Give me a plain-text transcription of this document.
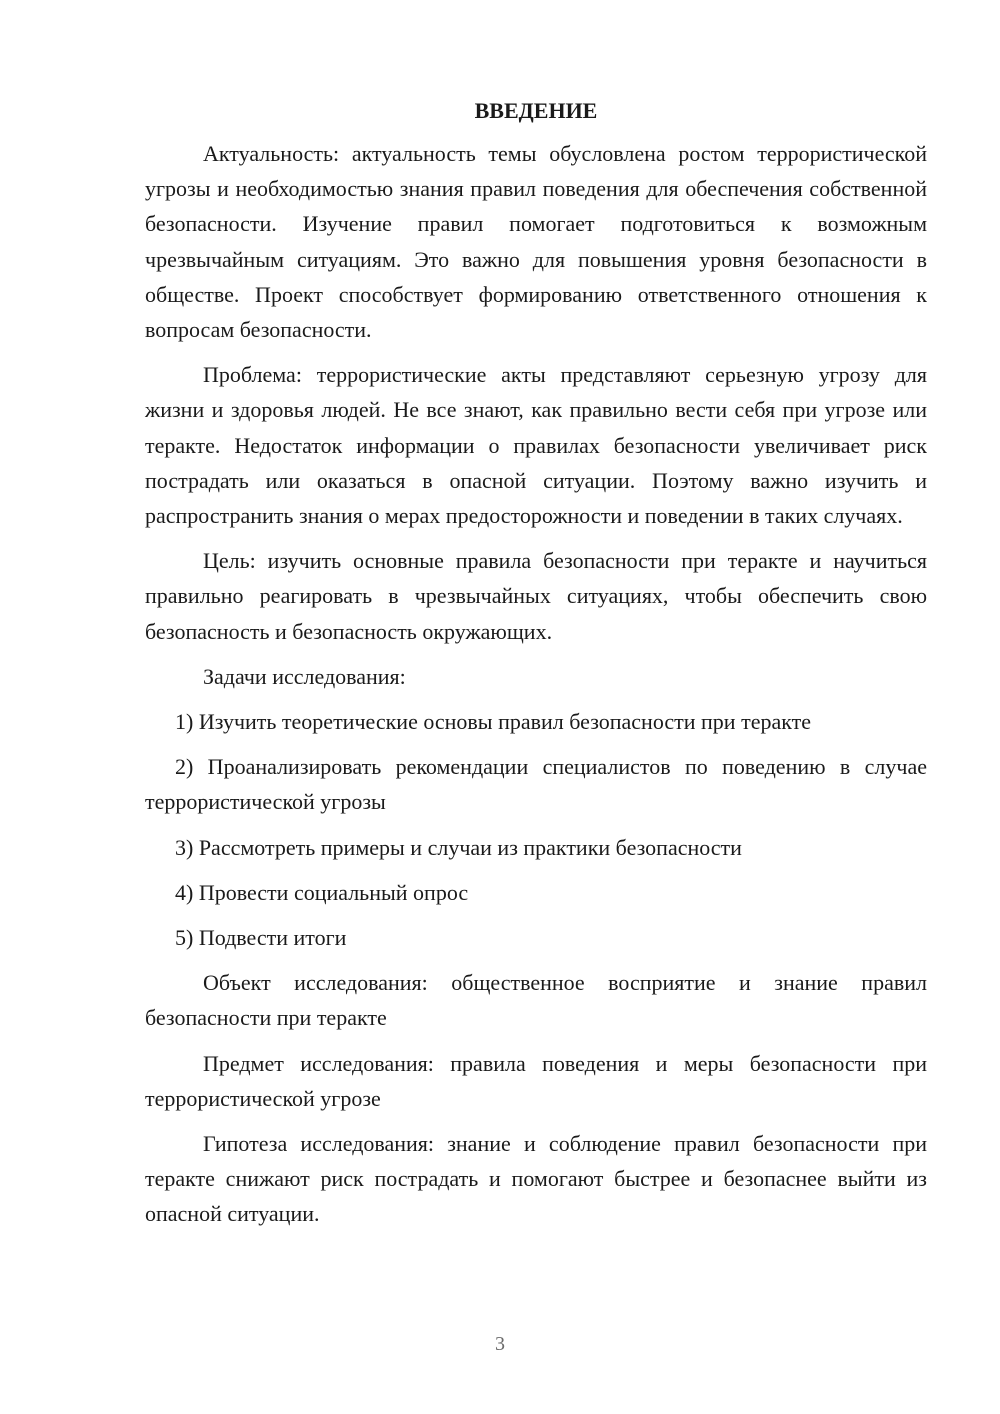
ВВЕДЕНИЕ

Актуальность: актуальность темы обусловлена ростом террористической угрозы и необходимостью знания правил поведения для обеспечения собственной безопасности. Изучение правил помогает подготовиться к возможным чрезвычайным ситуациям. Это важно для повышения уровня безопасности в обществе. Проект способствует формированию ответственного отношения к вопросам безопасности.

Проблема: террористические акты представляют серьезную угрозу для жизни и здоровья людей. Не все знают, как правильно вести себя при угрозе или теракте. Недостаток информации о правилах безопасности увеличивает риск пострадать или оказаться в опасной ситуации. Поэтому важно изучить и распространить знания о мерах предосторожности и поведении в таких случаях.

Цель: изучить основные правила безопасности при теракте и научиться правильно реагировать в чрезвычайных ситуациях, чтобы обеспечить свою безопасность и безопасность окружающих.

Задачи исследования:

1) Изучить теоретические основы правил безопасности при теракте

2) Проанализировать рекомендации специалистов по поведению в случае террористической угрозы

3) Рассмотреть примеры и случаи из практики безопасности

4) Провести социальный опрос

5) Подвести итоги

Объект исследования: общественное восприятие и знание правил безопасности при теракте

Предмет исследования: правила поведения и меры безопасности при террористической угрозе

Гипотеза исследования: знание и соблюдение правил безопасности при теракте снижают риск пострадать и помогают быстрее и безопаснее выйти из опасной ситуации.

3
